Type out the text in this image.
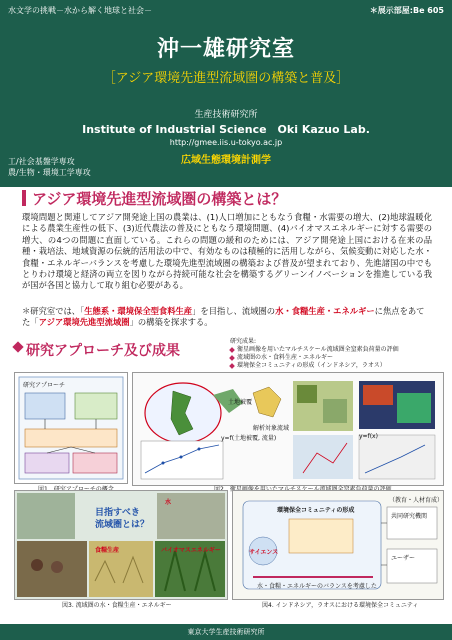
水文学の挑戦－水から解く地球と社会－	＊展示部屋:Be 605
沖一雄研究室
［アジア環境先進型流域圏の構築と普及］
生産技術研究所
Institute of Industrial Science　Oki Kazuo Lab.
http://gmee.iis.u-tokyo.ac.jp
広域生態環境計測学
工/社会基盤学専攻
農/生物・環境工学専攻
アジア環境先進型流域圏の構築とは？
環境問題と関連してアジア開発途上国の農業は、(1)人口増加にともなう食糧・水需要の増大、(2)地球温暖化による農業生産性の低下、(3)近代農法の普及にともなう環境問題、(4)バイオマスエネルギーに対する需要の増大、の4つの問題に直面している。これらの問題の緩和のためには、アジア開発途上国における在来の品種・栽培法、地域資源の伝統的活用法の中で、有効なものは積極的に活用しながら、気候変動に対応した水・食糧・エネルギーバランスを考慮した環境先進型流域圏の構築および普及が望まれており、先進諸国の中でもとりわけ環境と経済の両立を図りながら持続可能な社会を構築するグリーンイノベーションを推進している我が国が各国と協力して取り組む必要がある。
＊研究室では、「生態系・環境保全型食料生産」を目指し、流域圏の水・食糧生産・エネルギーに焦点をあてた「アジア環境先進型流域圏」の構築を探求する。
研究アプローチ及び成果
研究成果:
衛星画像を用いたマルチスケール流域圏全窒素負荷量の評価
流域圏の水・食料生産・エネルギー
環境保全コミュニティの形成（インドネシア，ラオス）
研究アプローチ
土地被覆
解析対象流域
y=f(土地被覆, 流量)	y=f(x)
目指すべき
流域圏とは？
水
食糧生産	バイオマスエネルギー
図3. 流域圏の水・食糧生産・エネルギー
環境保全コミュニティの形成
（教育・人材育成）
共同研究機関
ユーザー
サイエンス
水・食糧・エネルギーのバランスを考慮した
図4. インドネシア，ラオスにおける環境保全コミュニティ
東京大学生産技術研究所
